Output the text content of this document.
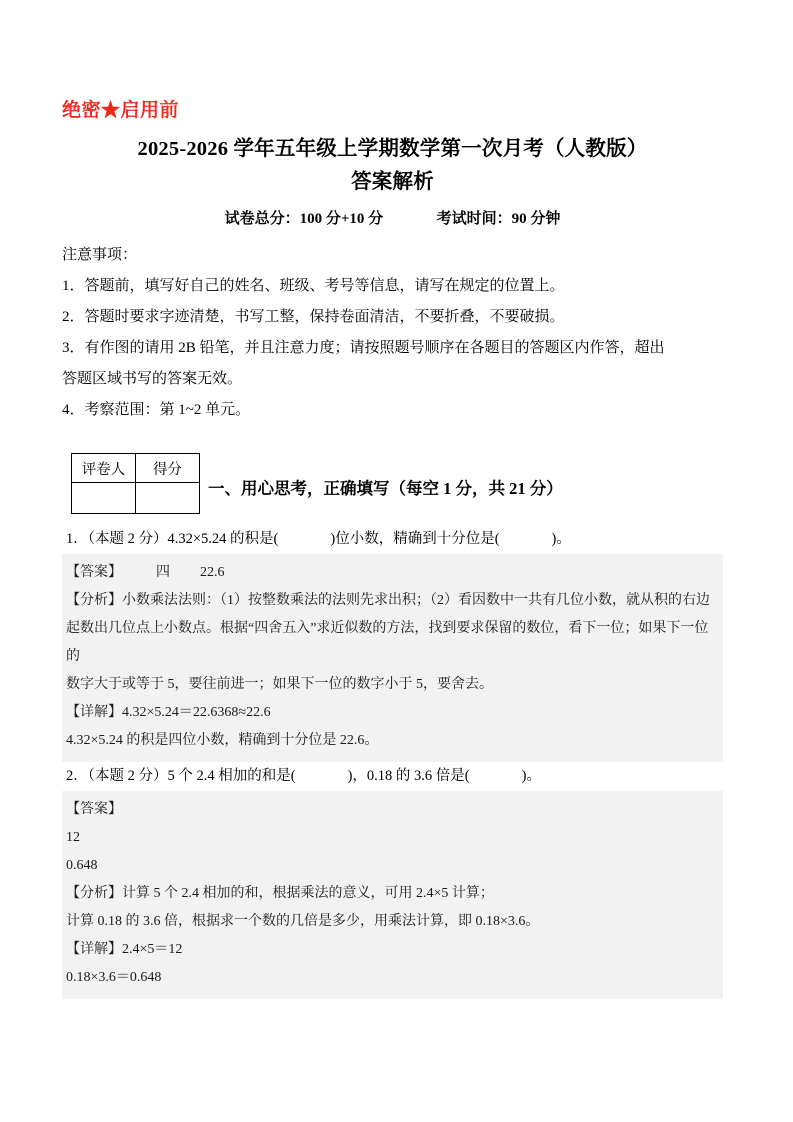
绝密★启用前

2025-2026 学年五年级上学期数学第一次月考（人教版）
答案解析

试卷总分：100 分+10 分	考试时间：90 分钟

注意事项：

1．答题前，填写好自己的姓名、班级、考号等信息，请写在规定的位置上。

2．答题时要求字迹清楚，书写工整，保持卷面清洁，不要折叠，不要破损。

3．有作图的请用 2B 铅笔，并且注意力度；请按照题号顺序在各题目的答题区内作答，超出

答题区域书写的答案无效。

4．考察范围：第 1~2 单元。

评卷人	得分

一、用心思考，正确填写（每空 1 分，共 21 分）

1．（本题 2 分）4.32×5.24 的积是(	)位小数，精确到十分位是(	)。

【答案】 四 22.6

【分析】小数乘法法则：（1）按整数乘法的法则先求出积；（2）看因数中一共有几位小数，就从积的右边

起数出几位点上小数点。根据“四舍五入”求近似数的方法，找到要求保留的数位，看下一位；如果下一位的

数字大于或等于 5，要往前进一；如果下一位的数字小于 5，要舍去。

【详解】4.32×5.24＝22.6368≈22.6

4.32×5.24 的积是四位小数，精确到十分位是 22.6。

2．（本题 2 分）5 个 2.4 相加的和是(	)，0.18 的 3.6 倍是(	)。

【答案】

12

0.648

【分析】计算 5 个 2.4 相加的和，根据乘法的意义，可用 2.4×5 计算；

计算 0.18 的 3.6 倍，根据求一个数的几倍是多少，用乘法计算，即 0.18×3.6。

【详解】2.4×5＝12

0.18×3.6＝0.648
